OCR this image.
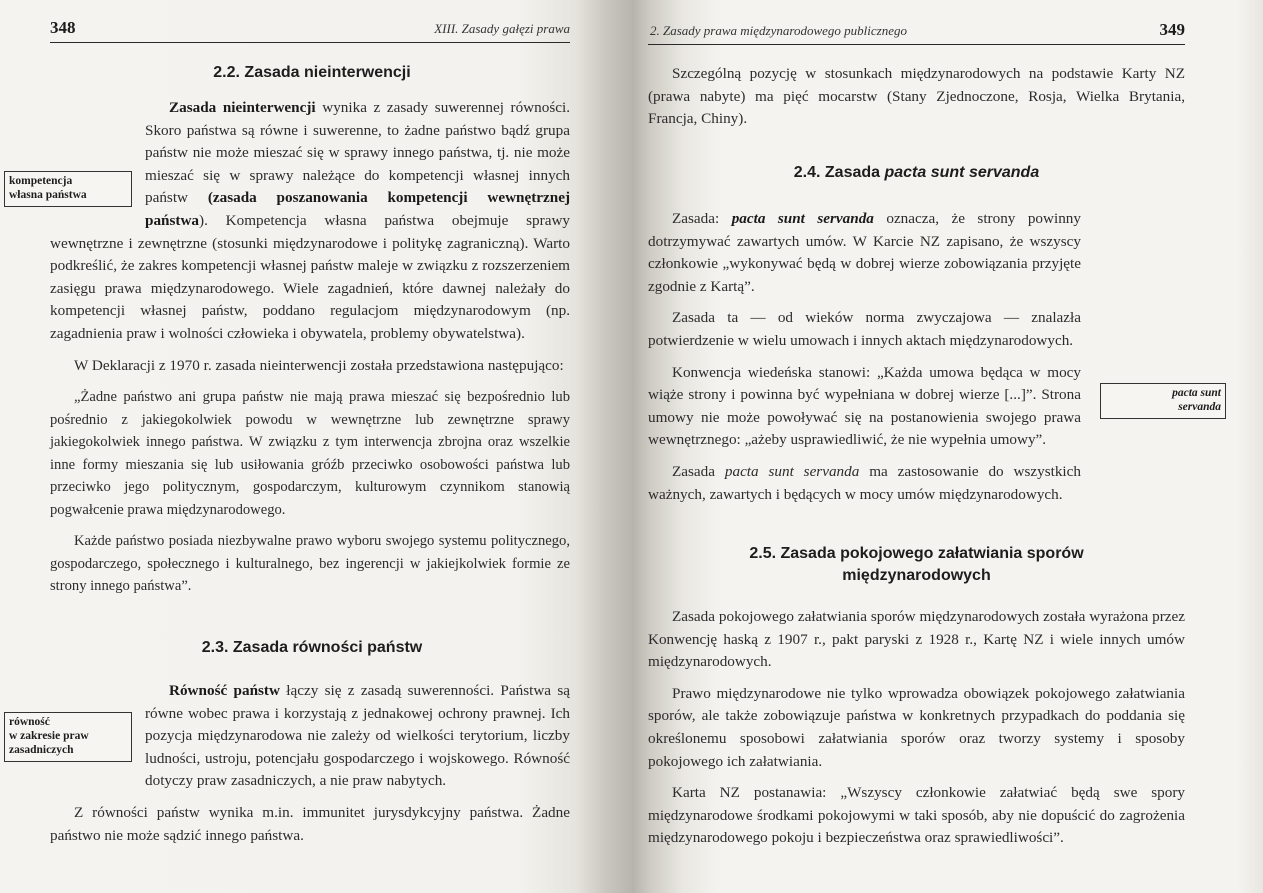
348	XIII. Zasady gałęzi prawa
2.2. Zasada nieinterwencji
kompetencja
własna państwa

Zasada nieinterwencji wynika z zasady suwerennej równości. Skoro państwa są równe i suwerenne, to żadne państwo bądź grupa państw nie może mieszać się w sprawy innego państwa, tj. nie może mieszać się w sprawy należące do kompetencji własnej innych państw (zasada poszanowania kompetencji wewnętrznej państwa). Kompetencja własna państwa obejmuje sprawy wewnętrzne i zewnętrzne (stosunki międzynarodowe i politykę zagraniczną). Warto podkreślić, że zakres kompetencji własnej państw maleje w związku z rozszerzeniem zasięgu prawa międzynarodowego. Wiele zagadnień, które dawnej należały do kompetencji własnej państw, poddano regulacjom międzynarodowym (np. zagadnienia praw i wolności człowieka i obywatela, problemy obywatelstwa).

W Deklaracji z 1970 r. zasada nieinterwencji została przedstawiona następująco:

„Żadne państwo ani grupa państw nie mają prawa mieszać się bezpośrednio lub pośrednio z jakiegokolwiek powodu w wewnętrzne lub zewnętrzne sprawy jakiegokolwiek innego państwa. W związku z tym interwencja zbrojna oraz wszelkie inne formy mieszania się lub usiłowania gróźb przeciwko osobowości państwa lub przeciwko jego politycznym, gospodarczym, kulturowym czynnikom stanowią pogwałcenie prawa międzynarodowego.

Każde państwo posiada niezbywalne prawo wyboru swojego systemu politycznego, gospodarczego, społecznego i kulturalnego, bez ingerencji w jakiejkolwiek formie ze strony innego państwa”.

2.3. Zasada równości państw
równość
w zakresie praw
zasadniczych

Równość państw łączy się z zasadą suwerenności. Państwa są równe wobec prawa i korzystają z jednakowej ochrony prawnej. Ich pozycja międzynarodowa nie zależy od wielkości terytorium, liczby ludności, ustroju, potencjału gospodarczego i wojskowego. Równość dotyczy praw zasadniczych, a nie praw nabytych.

Z równości państw wynika m.in. immunitet jurysdykcyjny państwa. Żadne państwo nie może sądzić innego państwa.

2. Zasady prawa międzynarodowego publicznego	349

Szczególną pozycję w stosunkach międzynarodowych na podstawie Karty NZ (prawa nabyte) ma pięć mocarstw (Stany Zjednoczone, Rosja, Wielka Brytania, Francja, Chiny).

2.4. Zasada pacta sunt servanda
pacta sunt
servanda

Zasada: pacta sunt servanda oznacza, że strony powinny dotrzymywać zawartych umów. W Karcie NZ zapisano, że wszyscy członkowie „wykonywać będą w dobrej wierze zobowiązania przyjęte zgodnie z Kartą”.

Zasada ta — od wieków norma zwyczajowa — znalazła potwierdzenie w wielu umowach i innych aktach międzynarodowych.

Konwencja wiedeńska stanowi: „Każda umowa będąca w mocy wiąże strony i powinna być wypełniana w dobrej wierze [...]”. Strona umowy nie może powoływać się na postanowienia swojego prawa wewnętrznego: „ażeby usprawiedliwić, że nie wypełnia umowy”.

Zasada pacta sunt servanda ma zastosowanie do wszystkich ważnych, zawartych i będących w mocy umów międzynarodowych.

2.5. Zasada pokojowego załatwiania sporów
międzynarodowych

Zasada pokojowego załatwiania sporów międzynarodowych została wyrażona przez Konwencję haską z 1907 r., pakt paryski z 1928 r., Kartę NZ i wiele innych umów międzynarodowych.

Prawo międzynarodowe nie tylko wprowadza obowiązek pokojowego załatwiania sporów, ale także zobowiązuje państwa w konkretnych przypadkach do poddania się określonemu sposobowi załatwiania sporów oraz tworzy systemy i sposoby pokojowego ich załatwiania.

Karta NZ postanawia: „Wszyscy członkowie załatwiać będą swe spory międzynarodowe środkami pokojowymi w taki sposób, aby nie dopuścić do zagrożenia międzynarodowego pokoju i bezpieczeństwa oraz sprawiedliwości”.
